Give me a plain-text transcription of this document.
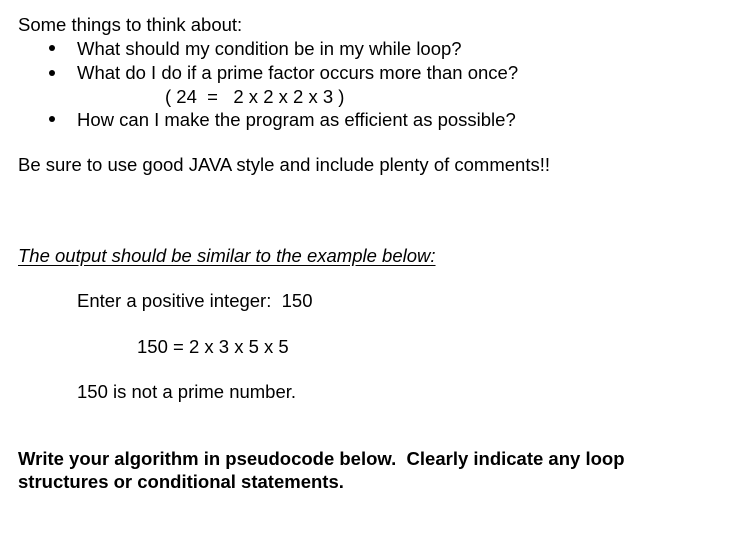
Some things to think about:
What should my condition be in my while loop?
What do I do if a prime factor occurs more than once?
( 24  =   2 x 2 x 2 x 3 )
How can I make the program as efficient as possible?
Be sure to use good JAVA style and include plenty of comments!!
The output should be similar to the example below:
Enter a positive integer:  150
150 = 2 x 3 x 5 x 5
150 is not a prime number.
Write your algorithm in pseudocode below.  Clearly indicate any loop
structures or conditional statements.
